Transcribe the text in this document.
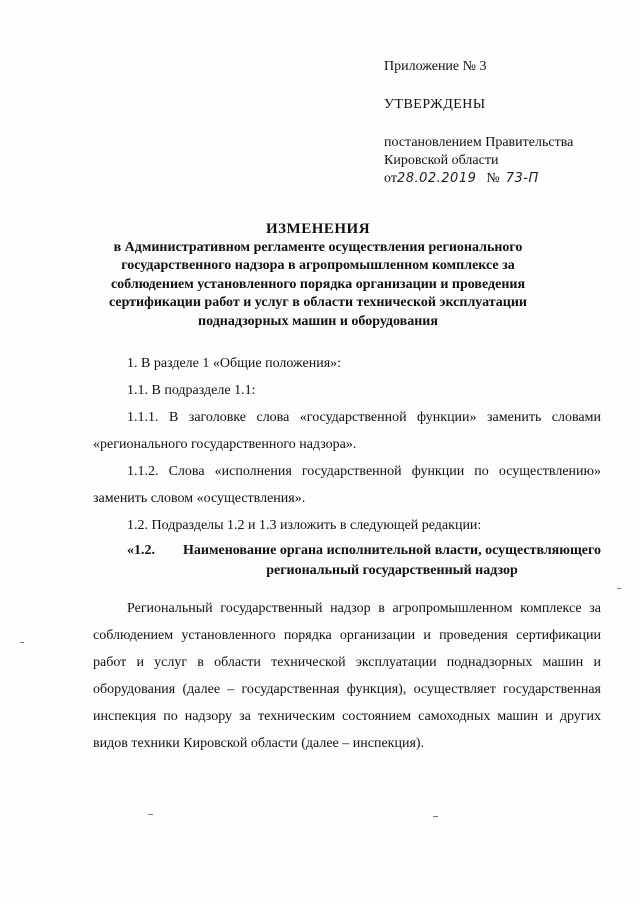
Приложение № 3

УТВЕРЖДЕНЫ

постановлением Правительства
Кировской области
от28.02.2019 № 73-П

ИЗМЕНЕНИЯ
в Административном регламенте осуществления регионального
государственного надзора в агропромышленном комплексе за
соблюдением установленного порядка организации и проведения
сертификации работ и услуг в области технической эксплуатации
поднадзорных машин и оборудования

1. В разделе 1 «Общие положения»:

1.1. В подразделе 1.1:

1.1.1. В заголовке слова «государственной функции» заменить словами «регионального государственного надзора».

1.1.2. Слова «исполнения государственной функции по осуществлению» заменить словом «осуществления».

1.2. Подразделы 1.2 и 1.3 изложить в следующей редакции:

«1.2.	Наименование органа исполнительной власти, осуществляющего региональный государственный надзор

Региональный государственный надзор в агропромышленном комплексе за соблюдением установленного порядка организации и проведения сертификации работ и услуг в области технической эксплуатации поднадзорных машин и оборудования (далее – государственная функция), осуществляет государственная инспекция по надзору за техническим состоянием самоходных машин и других видов техники Кировской области (далее – инспекция).
